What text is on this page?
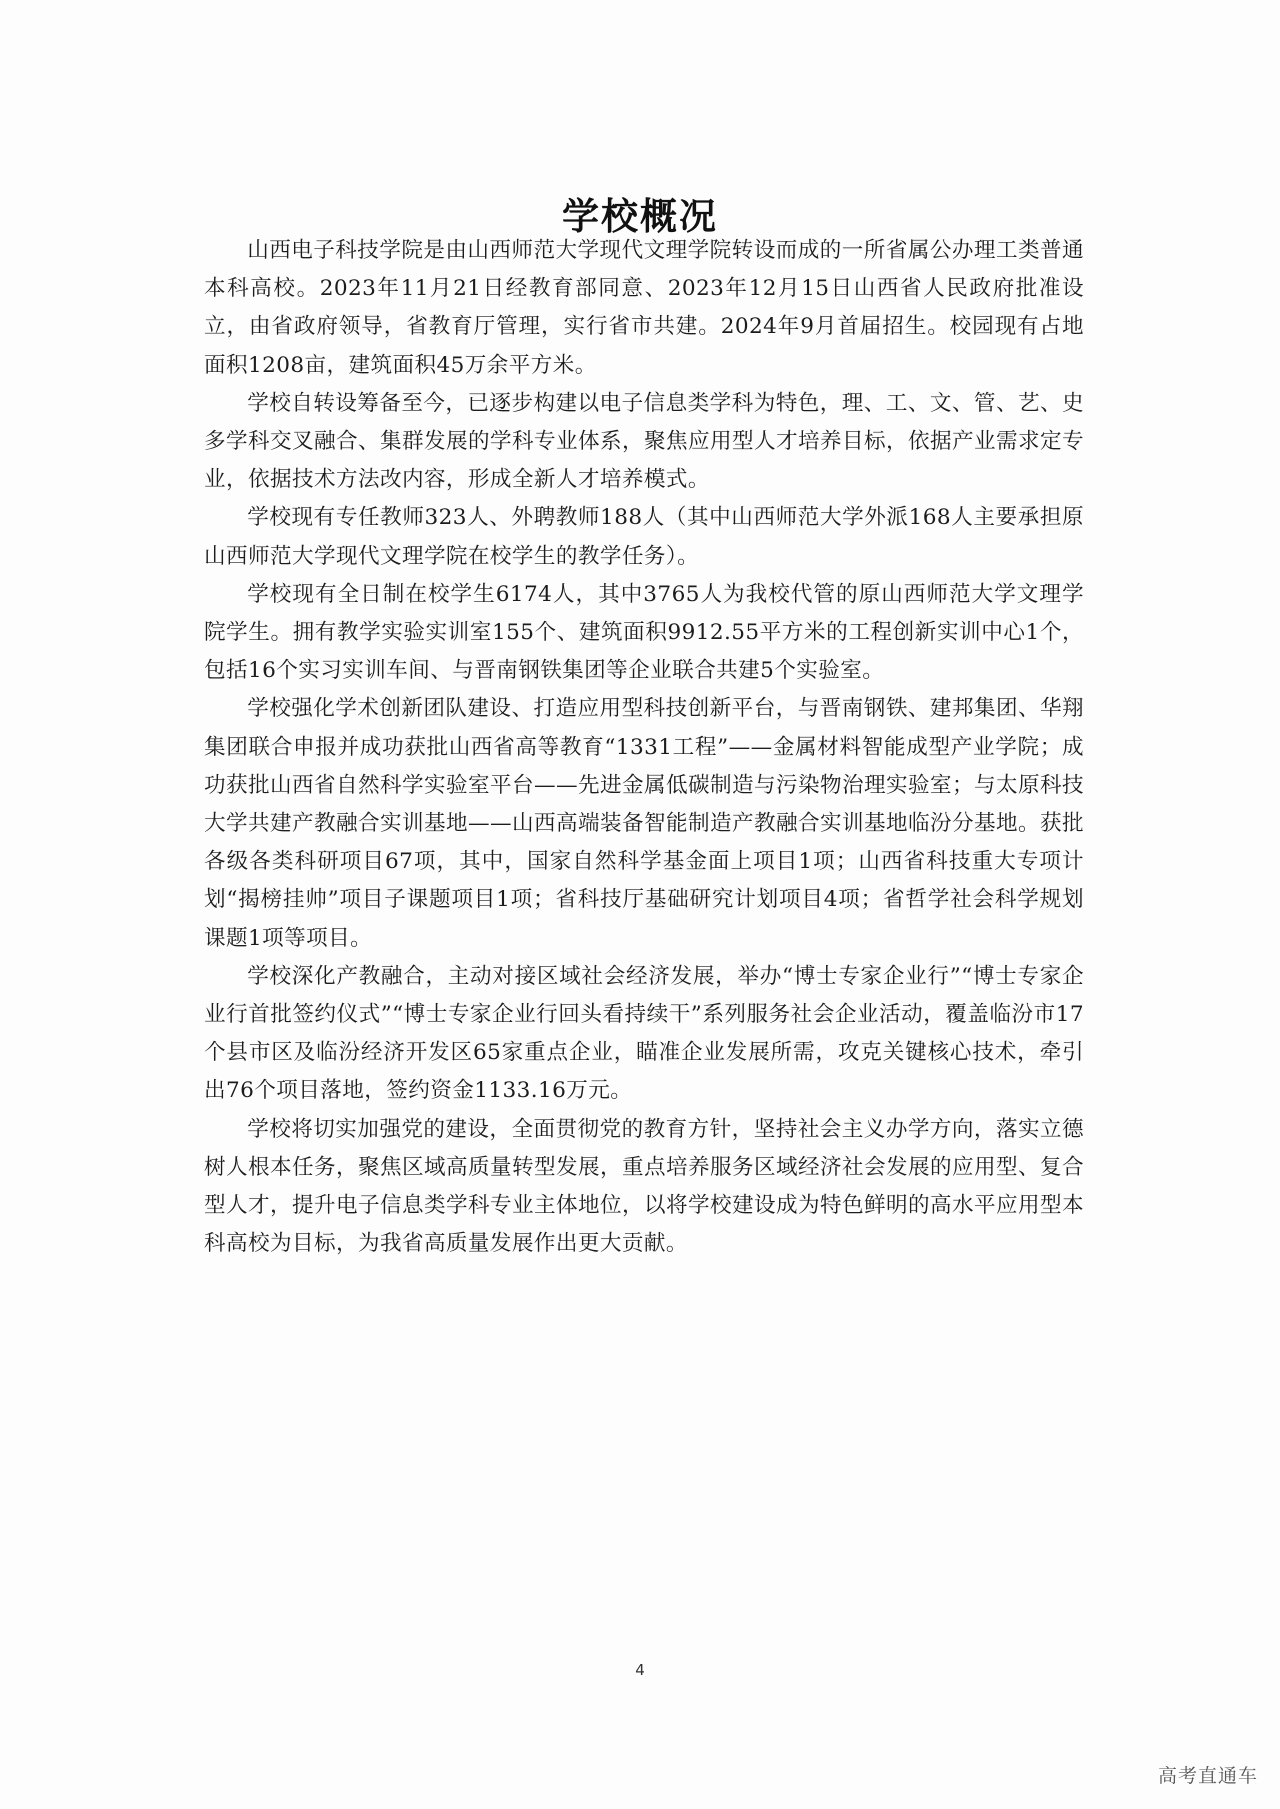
学校概况

山西电子科技学院是由山西师范大学现代文理学院转设而成的一所省属公办理工类普通本科高校。2023年11月21日经教育部同意、2023年12月15日山西省人民政府批准设立，由省政府领导，省教育厅管理，实行省市共建。2024年9月首届招生。校园现有占地面积1208亩，建筑面积45万余平方米。

学校自转设筹备至今，已逐步构建以电子信息类学科为特色，理、工、文、管、艺、史多学科交叉融合、集群发展的学科专业体系，聚焦应用型人才培养目标，依据产业需求定专业，依据技术方法改内容，形成全新人才培养模式。

学校现有专任教师323人、外聘教师188人（其中山西师范大学外派168人主要承担原山西师范大学现代文理学院在校学生的教学任务）。

学校现有全日制在校学生6174人，其中3765人为我校代管的原山西师范大学文理学院学生。拥有教学实验实训室155个、建筑面积9912.55平方米的工程创新实训中心1个，包括16个实习实训车间、与晋南钢铁集团等企业联合共建5个实验室。

学校强化学术创新团队建设、打造应用型科技创新平台，与晋南钢铁、建邦集团、华翔集团联合申报并成功获批山西省高等教育“1331工程”——金属材料智能成型产业学院；成功获批山西省自然科学实验室平台——先进金属低碳制造与污染物治理实验室；与太原科技大学共建产教融合实训基地——山西高端装备智能制造产教融合实训基地临汾分基地。获批各级各类科研项目67项，其中，国家自然科学基金面上项目1项；山西省科技重大专项计划“揭榜挂帅”项目子课题项目1项；省科技厅基础研究计划项目4项；省哲学社会科学规划课题1项等项目。

学校深化产教融合，主动对接区域社会经济发展，举办“博士专家企业行”“博士专家企业行首批签约仪式”“博士专家企业行回头看持续干”系列服务社会企业活动，覆盖临汾市17个县市区及临汾经济开发区65家重点企业，瞄准企业发展所需，攻克关键核心技术，牵引出76个项目落地，签约资金1133.16万元。

学校将切实加强党的建设，全面贯彻党的教育方针，坚持社会主义办学方向，落实立德树人根本任务，聚焦区域高质量转型发展，重点培养服务区域经济社会发展的应用型、复合型人才，提升电子信息类学科专业主体地位，以将学校建设成为特色鲜明的高水平应用型本科高校为目标，为我省高质量发展作出更大贡献。

4
高考直通车
